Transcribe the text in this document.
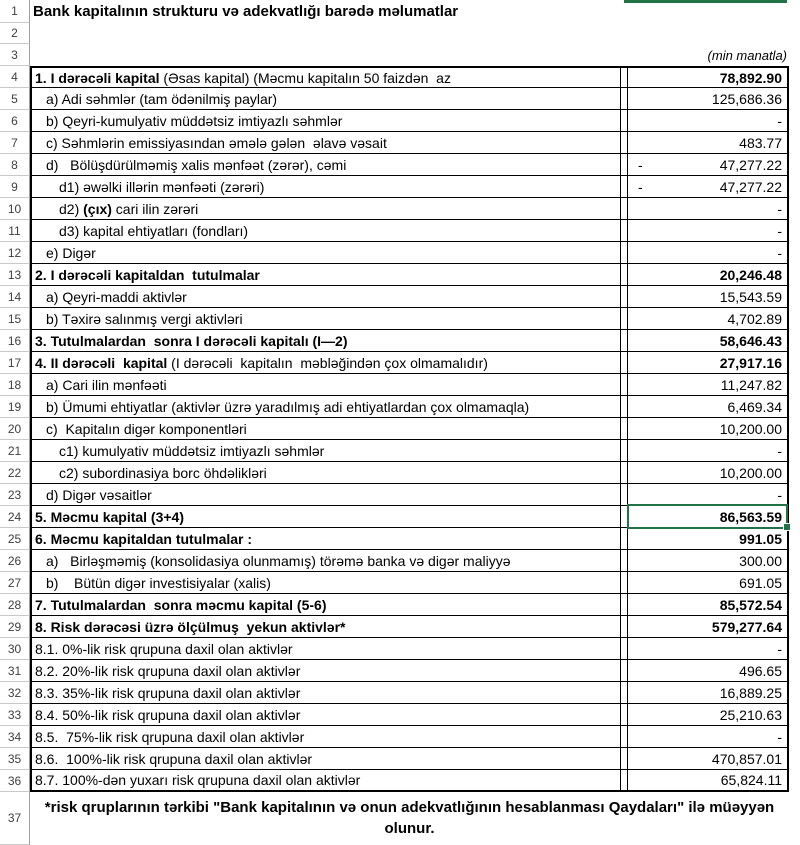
1	Bank kapitalının strukturu və adekvatlığı barədə məlumatlar
2
3	(min manatla)
4	1. I dərəcəli kapital (Əsas kapital) (Məcmu kapitalın 50 faizdən  az	78,892.90
5	a) Adi səhmlər (tam ödənilmiş paylar)	125,686.36
6	b) Qeyri-kumulyativ müddətsiz imtiyazlı səhmlər	-
7	c) Səhmlərin emissiyasından əmələ gələn  əlavə vəsait	483.77
8	d)   Bölüşdürülməmiş xalis mənfəət (zərər), cəmi	-	47,277.22
9	d1) əwəlki illərin mənfəəti (zərəri)	-	47,277.22
10	d2) (çıx) cari ilin zərəri	-
11	d3) kapital ehtiyatları (fondları)	-
12	e) Digər	-
13 2. I dərəcəli kapitaldan  tutulmalar	20,246.48
14	a) Qeyri-maddi aktivlər	15,543.59
15	b) Təxirə salınmış vergi aktivləri	4,702.89
16 3. Tutulmalardan  sonra I dərəcəli kapitalı (I—2)	58,646.43
17 4. II dərəcəli  kapital (I dərəcəli  kapitalın  məbləğindən çox olmamalıdır)	27,917.16
18	a) Cari ilin mənfəəti	11,247.82
19	b) Ümumi ehtiyatlar (aktivlər üzrə yaradılmış adi ehtiyatlardan çox olmamaqla)	6,469.34
20	c)  Kapitalın digər komponentləri	10,200.00
21	c1) kumulyativ müddətsiz imtiyazlı səhmlər	-
22	c2) subordinasiya borc öhdəlikləri	10,200.00
23	d) Digər vəsaitlər	-
24 5. Məcmu kapital (3+4)	86,563.59
25 6. Məcmu kapitaldan tutulmalar :	991.05
26	a)   Birləşməmiş (konsolidasiya olunmamış) törəmə banka və digər maliyyə	300.00
27	b)    Bütün digər investisiyalar (xalis)	691.05
28 7. Tutulmalardan  sonra məcmu kapital (5-6)	85,572.54
29 8. Risk dərəcəsi üzrə ölçülmuş  yekun aktivlər*	579,277.64
30 8.1. 0%-lik risk qrupuna daxil olan aktivlər	-
31 8.2. 20%-lik risk qrupuna daxil olan aktivlər	496.65
32 8.3. 35%-lik risk qrupuna daxil olan aktivlər	16,889.25
33 8.4. 50%-lik risk qrupuna daxil olan aktivlər	25,210.63
34 8.5.  75%-lik risk qrupuna daxil olan aktivlər	-
35 8.6.  100%-lik risk qrupuna daxil olan aktivlər	470,857.01
36 8.7. 100%-dən yuxarı risk qrupuna daxil olan aktivlər	65,824.11
37
*risk qruplarının tərkibi "Bank kapitalının və onun adekvatlığının hesablanması Qaydaları" ilə müəyyən olunur.
